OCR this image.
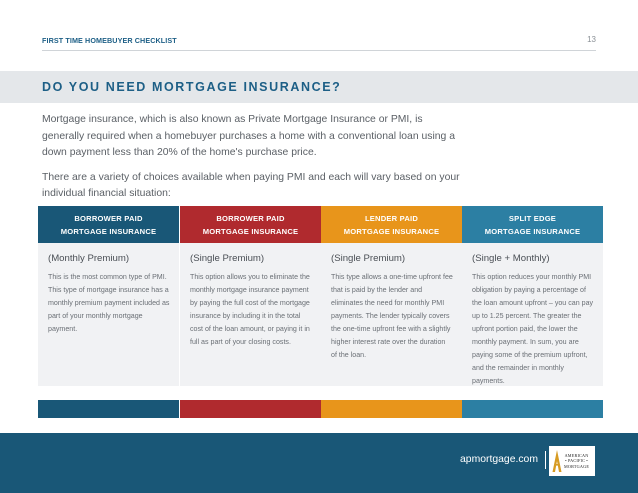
FIRST TIME HOMEBUYER CHECKLIST	13
DO YOU NEED MORTGAGE INSURANCE?

Mortgage insurance, which is also known as Private Mortgage Insurance or PMI, is generally required when a homebuyer purchases a home with a conventional loan using a down payment less than 20% of the home's purchase price.

There are a variety of choices available when paying PMI and each will vary based on your individual financial situation:

BORROWER PAID
MORTGAGE INSURANCE
(Monthly Premium)
This is the most common type of PMI. This type of mortgage insurance has a monthly premium payment included as part of your monthly mortgage payment.
BORROWER PAID
MORTGAGE INSURANCE
(Single Premium)
This option allows you to eliminate the monthly mortgage insurance payment by paying the full cost of the mortgage insurance by including it in the total cost of the loan amount, or paying it in full as part of your closing costs.
LENDER PAID
MORTGAGE INSURANCE
(Single Premium)
This type allows a one-time upfront fee that is paid by the lender and eliminates the need for monthly PMI payments. The lender typically covers the one-time upfront fee with a slightly higher interest rate over the duration of the loan.
SPLIT EDGE
MORTGAGE INSURANCE
(Single + Monthly)
This option reduces your monthly PMI obligation by paying a percentage of the loan amount upfront – you can pay up to 1.25 percent. The greater the upfront portion paid, the lower the monthly payment. In sum, you are paying some of the premium upfront, and the remainder in monthly payments.
apmortgage.com	AMERICAN
• PACIFIC •
MORTGAGE
